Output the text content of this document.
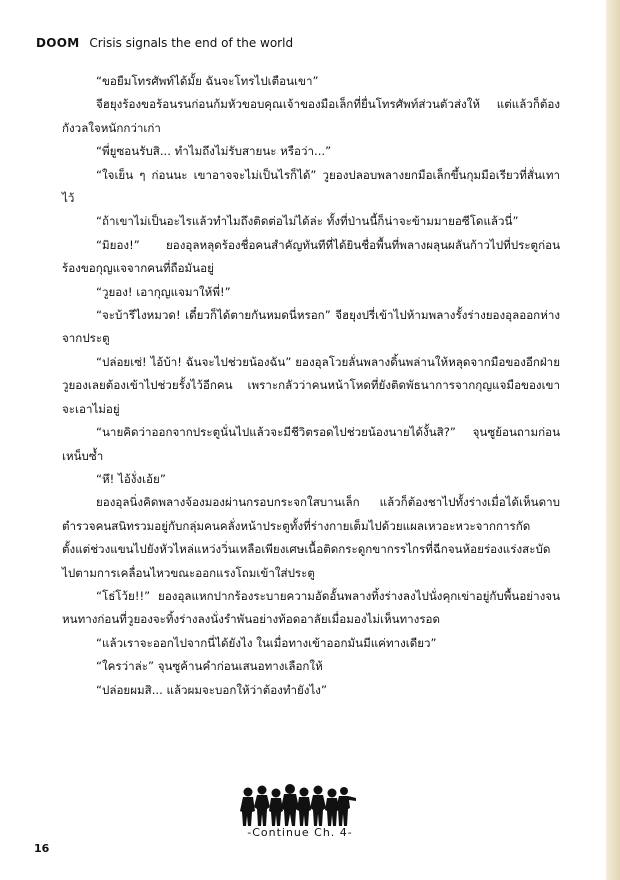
DOOM Crisis signals the end of the world

“ขอยืมโทรศัพท์ได้มั้ย ฉันจะโทรไปเตือนเขา”

จีฮยุงร้องขอร้อนรนก่อนก้มหัวขอบคุณเจ้าของมือเล็กที่ยื่นโทรศัพท์ส่วนตัวส่งให้ แต่แล้วก็ต้องกังวลใจหนักกว่าเก่า

“พี่ยูซอนรับสิ... ทำไมถึงไม่รับสายนะ หรือว่า...”

“ใจเย็น ๆ ก่อนนะ เขาอาจจะไม่เป็นไรก็ได้” วูยองปลอบพลางยกมือเล็กขึ้นกุมมือเรียวที่สั่นเทาไว้

“ถ้าเขาไม่เป็นอะไรแล้วทำไมถึงติดต่อไม่ได้ล่ะ ทั้งที่ป่านนี้ก็น่าจะข้ามมายอซีโดแล้วนี่”

“มิยอง!” ยองอุลหลุดร้องชื่อคนสำคัญทันทีที่ได้ยินชื่อพื้นที่พลางผลุนผลันก้าวไปที่ประตูก่อนร้องขอกุญแจจากคนที่ถือมันอยู่

“วูยอง! เอากุญแจมาให้พี่!”

“จะบ้ารึไงหมวด! เดี๋ยวก็ได้ตายกันหมดนี่หรอก” จีฮยุงปรี่เข้าไปห้ามพลางรั้งร่างยองอุลออกห่างจากประตู

“ปล่อยเซ่! ไอ้บ้า! ฉันจะไปช่วยน้องฉัน” ยองอุลโวยลั่นพลางดิ้นพล่านให้หลุดจากมือของอีกฝ่าย วูยองเลยต้องเข้าไปช่วยรั้งไว้อีกคน เพราะกลัวว่าคนหน้าโหดที่ยังติดพัธนาการจากกุญแจมือของเขาจะเอาไม่อยู่

“นายคิดว่าออกจากประตูนั่นไปแล้วจะมีชีวิตรอดไปช่วยน้องนายได้งั้นสิ?” จุนซูย้อนถามก่อนเหน็บซ้ำ

“หึ! ไอ้งั่งเอ้ย”

ยองอุลนิ่งคิดพลางจ้องมองผ่านกรอบกระจกใสบานเล็ก แล้วก็ต้องชาไปทั้งร่างเมื่อได้เห็นดาบตำรวจคนสนิทรวมอยู่กับกลุ่มคนคลั่งหน้าประตูทั้งที่ร่างกายเต็มไปด้วยแผลเหวอะหวะจากการกัด ตั้งแต่ช่วงแขนไปยังหัวไหล่แหว่งวิ่นเหลือเพียงเศษเนื้อติดกระดูกขากรรไกรที่ฉีกจนห้อยร่องแร่งสะบัดไปตามการเคลื่อนไหวขณะออกแรงโถมเข้าใส่ประตู

“โธ่โว้ย!!” ยองอุลแหกปากร้องระบายความอัดอั้นพลางทิ้งร่างลงไปนั่งคุกเข่าอยู่กับพื้นอย่างจนหนทางก่อนที่วูยองจะทิ้งร่างลงนั่งรำพันอย่างท้อดอาลัยเมื่อมองไม่เห็นทางรอด

“แล้วเราจะออกไปจากนี่ได้ยังไง ในเมื่อทางเข้าออกมันมีแค่ทางเดียว”

“ใครว่าล่ะ” จุนซูค้านคำก่อนเสนอทางเลือกให้

“ปล่อยผมสิ... แล้วผมจะบอกให้ว่าต้องทำยังไง”

-Continue Ch. 4-
16
